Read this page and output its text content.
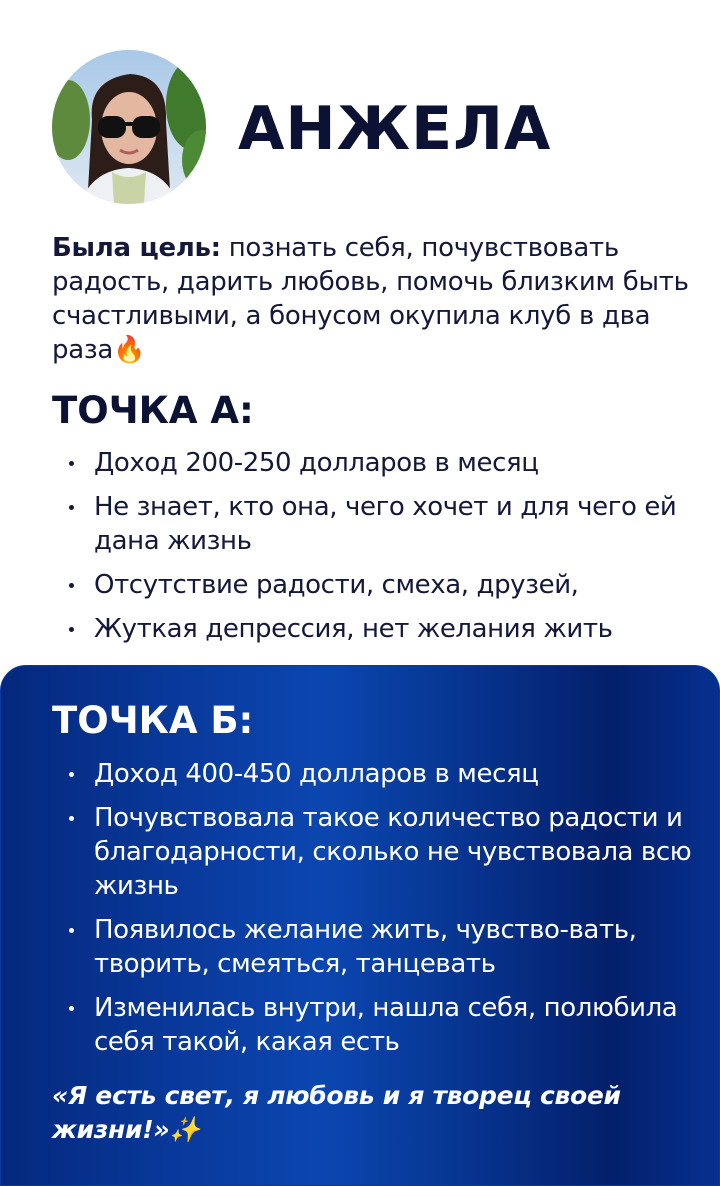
АНЖЕЛА

Была цель: познать себя, почувствовать радость, дарить любовь, помочь близким быть счастливыми, а бонусом окупила клуб в два раза🔥

ТОЧКА А:
Доход 200-250 долларов в месяц
Не знает, кто она, чего хочет и для чего ей дана жизнь
Отсутствие радости, смеха, друзей,
Жуткая депрессия, нет желания жить
ТОЧКА Б:
Доход 400-450 долларов в месяц
Почувствовала такое количество радости и благодарности, сколько не чувствовала всю жизнь
Появилось желание жить, чувство-вать, творить, смеяться, танцевать
Изменилась внутри, нашла себя, полюбила себя такой, какая есть

«Я есть свет, я любовь и я творец своей жизни!»✨
